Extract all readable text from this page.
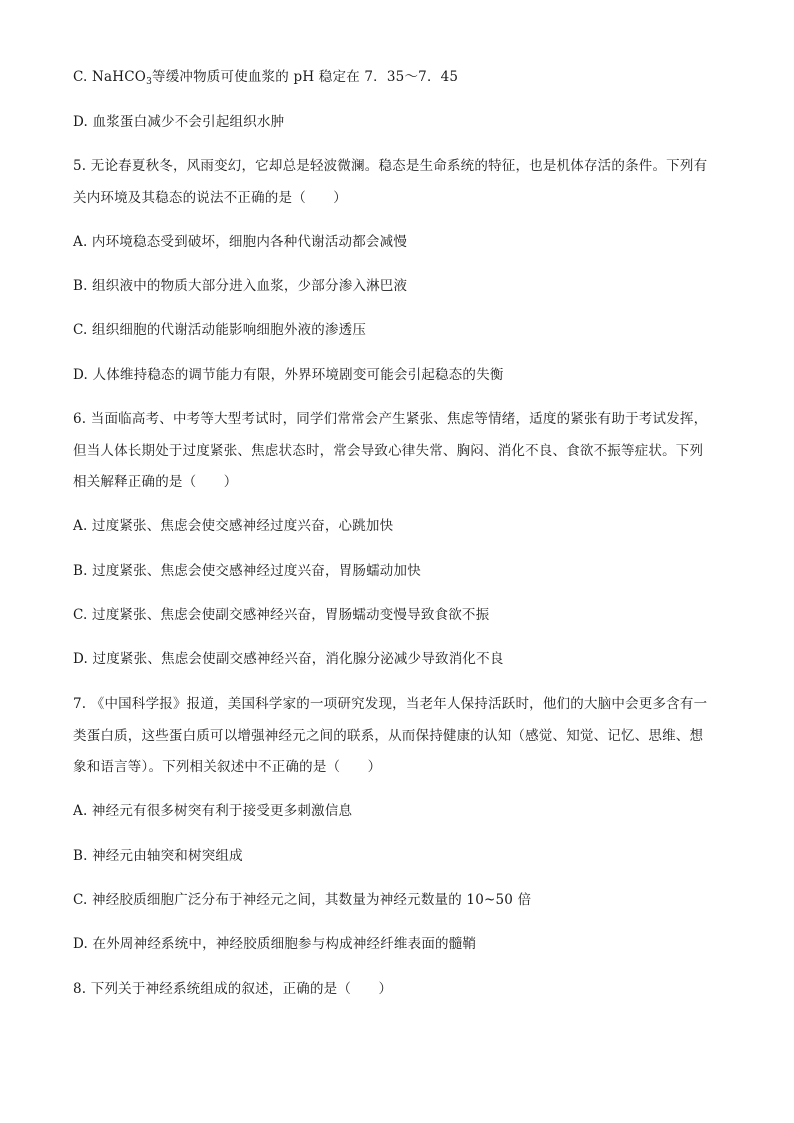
C. NaHCO$_3$等缓冲物质可使血浆的 pH 稳定在 7．35～7．45
D. 血浆蛋白减少不会引起组织水肿
5. 无论春夏秋冬，风雨变幻，它却总是轻波微澜。稳态是生命系统的特征，也是机体存活的条件。下列有
关内环境及其稳态的说法不正确的是（　　）
A. 内环境稳态受到破坏，细胞内各种代谢活动都会减慢
B. 组织液中的物质大部分进入血浆，少部分渗入淋巴液
C. 组织细胞的代谢活动能影响细胞外液的渗透压
D. 人体维持稳态的调节能力有限，外界环境剧变可能会引起稳态的失衡
6. 当面临高考、中考等大型考试时，同学们常常会产生紧张、焦虑等情绪，适度的紧张有助于考试发挥，
但当人体长期处于过度紧张、焦虑状态时，常会导致心律失常、胸闷、消化不良、食欲不振等症状。下列
相关解释正确的是（　　）
A. 过度紧张、焦虑会使交感神经过度兴奋，心跳加快
B. 过度紧张、焦虑会使交感神经过度兴奋，胃肠蠕动加快
C. 过度紧张、焦虑会使副交感神经兴奋，胃肠蠕动变慢导致食欲不振
D. 过度紧张、焦虑会使副交感神经兴奋，消化腺分泌减少导致消化不良
7. 《中国科学报》报道，美国科学家的一项研究发现，当老年人保持活跃时，他们的大脑中会更多含有一
类蛋白质，这些蛋白质可以增强神经元之间的联系，从而保持健康的认知（感觉、知觉、记忆、思维、想
象和语言等）。下列相关叙述中不正确的是（　　）
A. 神经元有很多树突有利于接受更多刺激信息
B. 神经元由轴突和树突组成
C. 神经胶质细胞广泛分布于神经元之间，其数量为神经元数量的 10~50 倍
D. 在外周神经系统中，神经胶质细胞参与构成神经纤维表面的髓鞘
8. 下列关于神经系统组成的叙述，正确的是（　　）
